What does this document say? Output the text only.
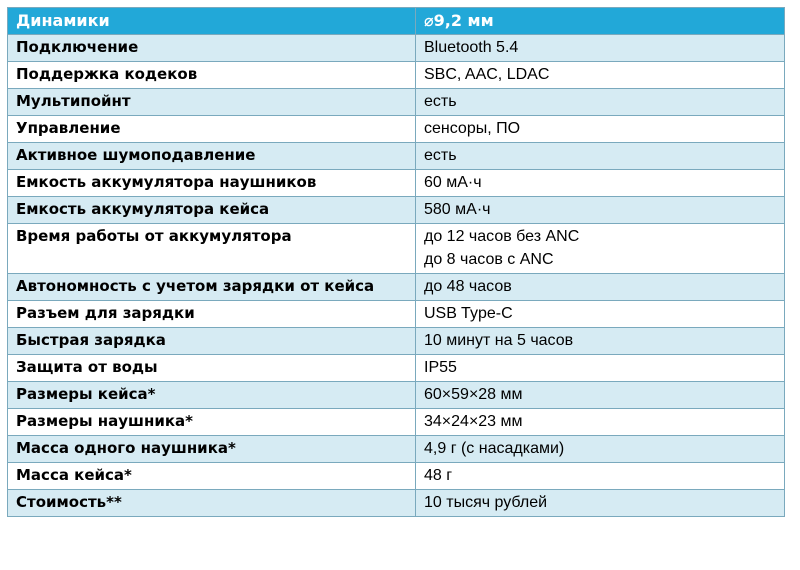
Динамики	⌀9,2 мм
Подключение	Bluetooth 5.4

Поддержка кодеков	SBC, AAC, LDAC

Мультипойнт	есть

Управление	сенсоры, ПО

Активное шумоподавление	есть

Емкость аккумулятора наушников	60 мА·ч

Емкость аккумулятора кейса	580 мА·ч

Время работы от аккумулятора	до 12 часов без ANC
до 8 часов с ANC

Автономность с учетом зарядки от кейса	до 48 часов

Разъем для зарядки	USB Type-C

Быстрая зарядка	10 минут на 5 часов

Защита от воды	IP55

Размеры кейса*	60×59×28 мм

Размеры наушника*	34×24×23 мм

Масса одного наушника*	4,9 г (с насадками)

Масса кейса*	48 г

Стоимость**	10 тысяч рублей
